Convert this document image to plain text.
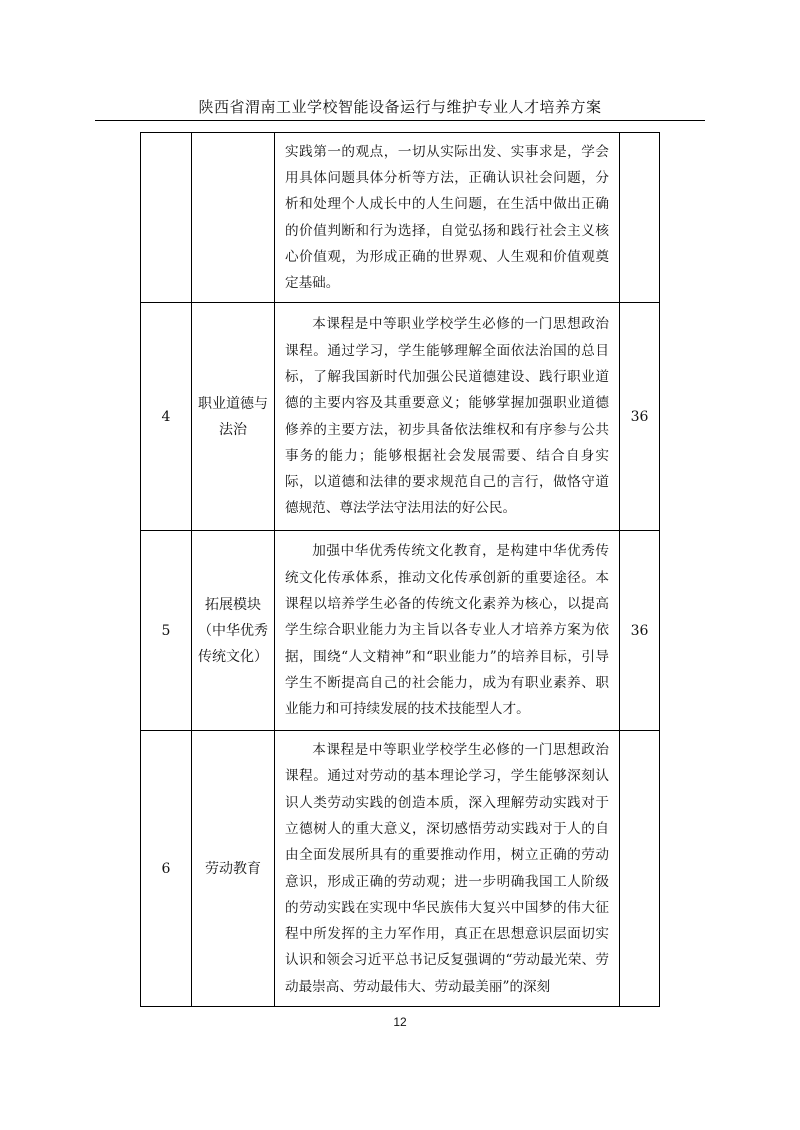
陕西省渭南工业学校智能设备运行与维护专业人才培养方案

		实践第一的观点，一切从实际出发、实事求是，学会用具体问题具体分析等方法，正确认识社会问题，分析和处理个人成长中的人生问题，在生活中做出正确的价值判断和行为选择，自觉弘扬和践行社会主义核心价值观，为形成正确的世界观、人生观和价值观奠定基础。	

4	职业道德与法治	本课程是中等职业学校学生必修的一门思想政治课程。通过学习，学生能够理解全面依法治国的总目标，了解我国新时代加强公民道德建设、践行职业道德的主要内容及其重要意义；能够掌握加强职业道德修养的主要方法，初步具备依法维权和有序参与公共事务的能力；能够根据社会发展需要、结合自身实际，以道德和法律的要求规范自己的言行，做恪守道德规范、尊法学法守法用法的好公民。	36
5	拓展模块（中华优秀传统文化）	加强中华优秀传统文化教育，是构建中华优秀传统文化传承体系，推动文化传承创新的重要途径。本课程以培养学生必备的传统文化素养为核心，以提高学生综合职业能力为主旨以各专业人才培养方案为依据，围绕“人文精神”和“职业能力”的培养目标，引导学生不断提高自己的社会能力，成为有职业素养、职业能力和可持续发展的技术技能型人才。	36
6	劳动教育	本课程是中等职业学校学生必修的一门思想政治课程。通过对劳动的基本理论学习，学生能够深刻认识人类劳动实践的创造本质，深入理解劳动实践对于立德树人的重大意义，深切感悟劳动实践对于人的自由全面发展所具有的重要推动作用，树立正确的劳动意识，形成正确的劳动观；进一步明确我国工人阶级的劳动实践在实现中华民族伟大复兴中国梦的伟大征程中所发挥的主力军作用，真正在思想意识层面切实认识和领会习近平总书记反复强调的“劳动最光荣、劳动最崇高、劳动最伟大、劳动最美丽”的深刻	

12
